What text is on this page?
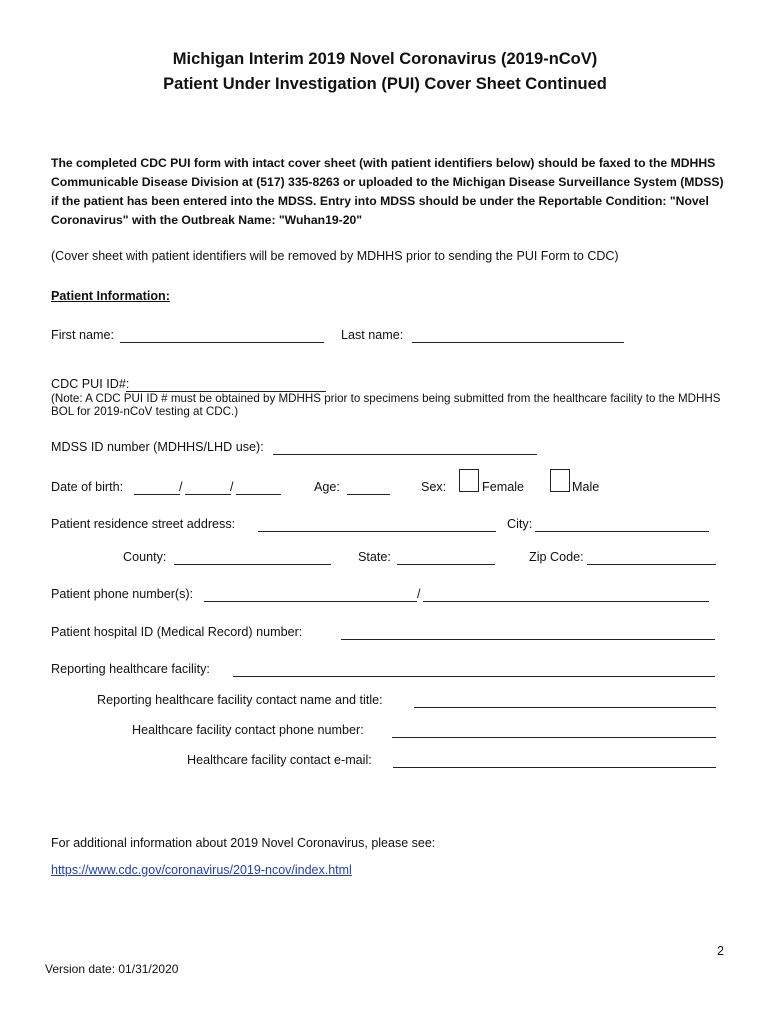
Michigan Interim 2019 Novel Coronavirus (2019-nCoV)
Patient Under Investigation (PUI) Cover Sheet Continued
The completed CDC PUI form with intact cover sheet (with patient identifiers below) should be faxed to the MDHHS Communicable Disease Division at (517) 335-8263 or uploaded to the Michigan Disease Surveillance System (MDSS) if the patient has been entered into the MDSS. Entry into MDSS should be under the Reportable Condition: "Novel Coronavirus" with the Outbreak Name: "Wuhan19-20"
(Cover sheet with patient identifiers will be removed by MDHHS prior to sending the PUI Form to CDC)
Patient Information:
First name:	Last name:
CDC PUI ID#:
(Note: A CDC PUI ID # must be obtained by MDHHS prior to specimens being submitted from the healthcare facility to the MDHHS BOL for 2019-nCoV testing at CDC.)
MDSS ID number (MDHHS/LHD use):
Date of birth:	/	/	Age:	Sex:	Female	Male
Patient residence street address:	City:
County:	State:	Zip Code:
Patient phone number(s):	/
Patient hospital ID (Medical Record) number:
Reporting healthcare facility:
Reporting healthcare facility contact name and title:
Healthcare facility contact phone number:
Healthcare facility contact e-mail:
For additional information about 2019 Novel Coronavirus, please see:
https://www.cdc.gov/coronavirus/2019-ncov/index.html
2
Version date: 01/31/2020
